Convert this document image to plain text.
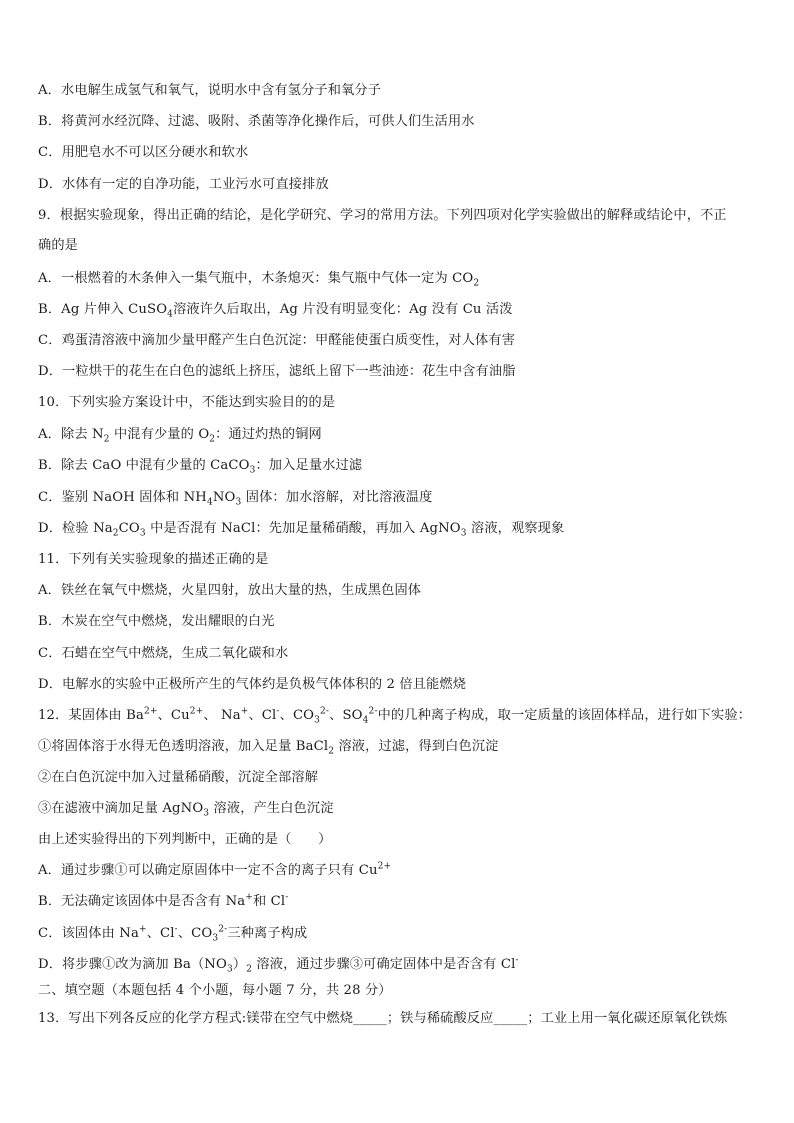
A．水电解生成氢气和氧气，说明水中含有氢分子和氧分子
B．将黄河水经沉降、过滤、吸附、杀菌等净化操作后，可供人们生活用水
C．用肥皂水不可以区分硬水和软水
D．水体有一定的自净功能，工业污水可直接排放
9．根据实验现象，得出正确的结论，是化学研究、学习的常用方法。下列四项对化学实验做出的解释或结论中，不正
确的是
A．一根燃着的木条伸入一集气瓶中，木条熄灭：集气瓶中气体一定为 $CO_2$
B．Ag 片伸入 CuSO$_4$溶液许久后取出，Ag 片没有明显变化：Ag 没有 Cu 活泼
C．鸡蛋清溶液中滴加少量甲醛产生白色沉淀：甲醛能使蛋白质变性，对人体有害
D．一粒烘干的花生在白色的滤纸上挤压，滤纸上留下一些油迹：花生中含有油脂
10．下列实验方案设计中，不能达到实验目的的是
A．除去 $N_2$ 中混有少量的 $O_2$：通过灼热的铜网
B．除去 CaO 中混有少量的 CaCO$_3$：加入足量水过滤
C．鉴别 NaOH 固体和 $NH_4NO_3$ 固体：加水溶解，对比溶液温度
D．检验 $Na_2CO_3$ 中是否混有 NaCl：先加足量稀硝酸，再加入 AgNO$_3$ 溶液，观察现象
11．下列有关实验现象的描述正确的是
A．铁丝在氧气中燃烧，火星四射，放出大量的热，生成黑色固体
B．木炭在空气中燃烧，发出耀眼的白光
C．石蜡在空气中燃烧，生成二氧化碳和水
D．电解水的实验中正极所产生的气体约是负极气体体积的 2 倍且能燃烧
12．某固体由 $Ba^{2+}$、$Cu^{2+}$、 Na+、Cl-、$CO_3^{2-}$、$SO_4^{2-}$中的几种离子构成，取一定质量的该固体样品，进行如下实验：
①将固体溶于水得无色透明溶液，加入足量 BaCl$_2$ 溶液，过滤，得到白色沉淀
②在白色沉淀中加入过量稀硝酸，沉淀全部溶解
③在滤液中滴加足量 AgNO$_3$ 溶液，产生白色沉淀
由上述实验得出的下列判断中，正确的是（　　）
A．通过步骤①可以确定原固体中一定不含的离子只有 $Cu^{2+}$
B．无法确定该固体中是否含有 Na+和 Cl-
C．该固体由 Na+、Cl-、$CO_3^{2-}$三种离子构成
D．将步骤①改为滴加 $Ba(NO_3)_2$ 溶液，通过步骤③可确定固体中是否含有 Cl-
二、填空题（本题包括 4 个小题，每小题 7 分，共 28 分）
13．写出下列各反应的化学方程式:镁带在空气中燃烧_____；铁与稀硫酸反应_____；工业上用一氧化碳还原氧化铁炼
